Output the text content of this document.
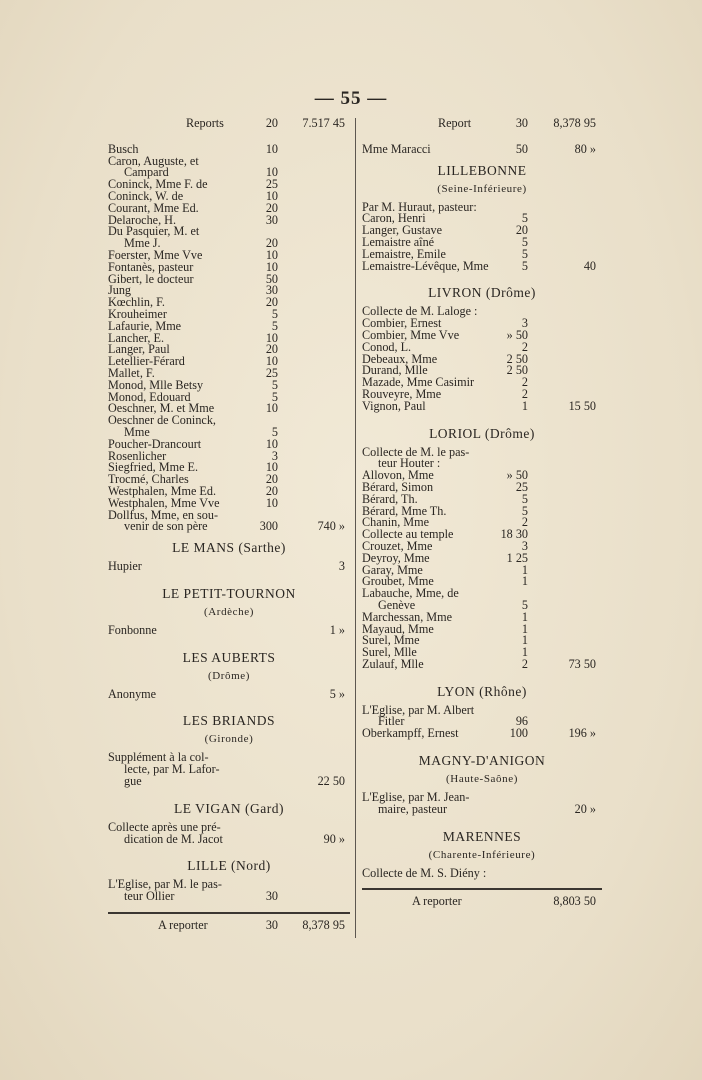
— 55 —
Reports	20 7.517 45
Busch	10
Caron, Auguste, et
Campard	10
Coninck, Mme F. de	25
Coninck, W. de	10
Courant, Mme Ed.	20
Delaroche, H.	30
Du Pasquier, M. et
Mme J.	20
Foerster, Mme Vve	10
Fontanès, pasteur	10
Gibert, le docteur	50
Jung	30
Kœchlin, F.	20
Krouheimer	5
Lafaurie, Mme	5
Lancher, E.	10
Langer, Paul	20
Letellier-Férard	10
Mallet, F.	25
Monod, Mlle Betsy	5
Monod, Edouard	5
Oeschner, M. et Mme	10
Oeschner de Coninck,
Mme	5
Poucher-Drancourt	10
Rosenlicher	3
Siegfried, Mme E.	10
Trocmé, Charles	20
Westphalen, Mme Ed.	20
Westphalen, Mme Vve	10
Dollfus, Mme, en sou-
venir de son père	300	740 »
LE MANS (Sarthe)
Hupier	3
LE PETIT-TOURNON
(Ardèche)
Fonbonne	1 »
LES AUBERTS
(Drôme)
Anonyme	5 »
LES BRIANDS
(Gironde)
Supplément à la col-
lecte, par M. Lafor-
gue	22 50
LE VIGAN (Gard)
Collecte après une pré-
dication de M. Jacot	90 »
LILLE (Nord)
L'Eglise, par M. le pas-
teur Ollier	30
A reporter	30 8,378 95
Report	30 8,378 95
Mme Maracci	50	80 »
LILLEBONNE
(Seine-Inférieure)
Par M. Huraut, pasteur:
Caron, Henri	5
Langer, Gustave	20
Lemaistre aîné	5
Lemaistre, Emile	5
Lemaistre-Lévêque, Mme	5	40
LIVRON (Drôme)
Collecte de M. Laloge :
Combier, Ernest	3
Combier, Mme Vve	» 50
Conod, L.	2
Debeaux, Mme	2 50
Durand, Mlle	2 50
Mazade, Mme Casimir	2
Rouveyre, Mme	2
Vignon, Paul	1	15 50
LORIOL (Drôme)
Collecte de M. le pas-
teur Houter :
Allovon, Mme	» 50
Bérard, Simon	25
Bérard, Th.	5
Bérard, Mme Th.	5
Chanin, Mme	2
Collecte au temple	18 30
Crouzet, Mme	3
Deyroy, Mme	1 25
Garay, Mme	1
Groubet, Mme	1
Labauche, Mme, de
Genève	5
Marchessan, Mme	1
Mayaud, Mme	1
Surel, Mme	1
Surel, Mlle	1
Zulauf, Mlle	2	73 50
LYON (Rhône)
L'Eglise, par M. Albert
Fitler	96
Oberkampff, Ernest	100	196 »
MAGNY-D'ANIGON
(Haute-Saône)
L'Eglise, par M. Jean-
maire, pasteur	20 »
MARENNES
(Charente-Inférieure)
Collecte de M. S. Diény :
A reporter	8,803 50
